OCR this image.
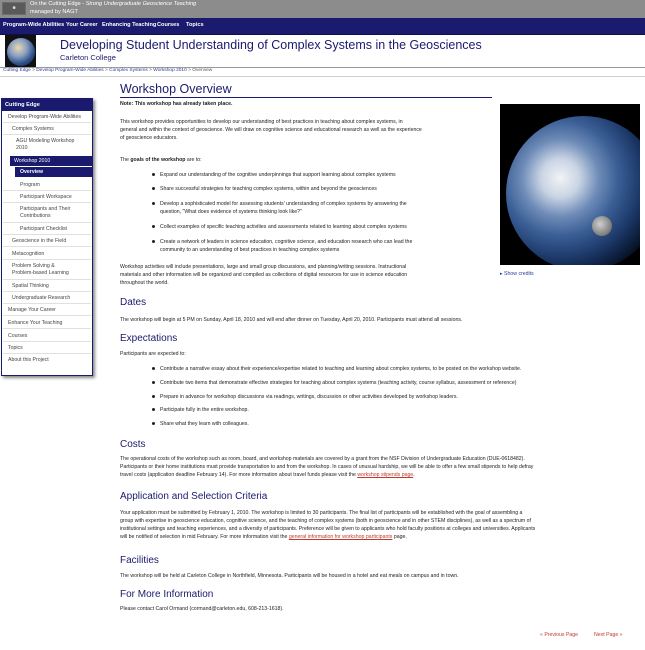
■
On the Cutting Edge - Strong Undergraduate Geoscience Teaching
managed by NAGT
Program-Wide Abilities Your Career Enhancing Teaching Courses Topics
Developing Student Understanding of Complex Systems in the Geosciences
Carleton College
Cutting Edge > Develop Program-Wide Abilities > Complex Systems > Workshop 2010 > Overview
Cutting Edge
Develop Program-Wide Abilities
Complex Systems
AGU Modeling Workshop
2010
Workshop 2010
Overview
Program
Participant Workspace
Participants and Their
Contributions
Participant Checklist
Geoscience in the Field
Metacognition
Problem Solving &
Problem-based Learning
Spatial Thinking
Undergraduate Research
Manage Your Career
Enhance Your Teaching
Courses
Topics
About this Project
▸ Show credits
Workshop Overview
Note: This workshop has already taken place.
This workshop provides opportunities to develop our understanding of best practices in teaching about complex systems, in
general and within the context of geoscience. We will draw on cognitive science and educational research as well as the experience
of geoscience educators.
The goals of the workshop are to:
Expand our understanding of the cognitive underpinnings that support learning about complex systems
Share successful strategies for teaching complex systems, within and beyond the geosciences
Develop a sophisticated model for assessing students' understanding of complex systems by answering the
question, "What does evidence of systems thinking look like?"
Collect examples of specific teaching activities and assessments related to learning about complex systems
Create a network of leaders in science education, cognitive science, and education research who can lead the
community to an understanding of best practices in teaching complex systems
Workshop activities will include presentations, large and small group discussions, and planning/writing sessions. Instructional
materials and other information will be organized and compiled as collections of digital resources for use in science education
throughout the world.
Dates
The workshop will begin at 5 PM on Sunday, April 18, 2010 and will end after dinner on Tuesday, April 20, 2010. Participants must attend all sessions.
Expectations
Participants are expected to:
Contribute a narrative essay about their experience/expertise related to teaching and learning about complex systems, to be posted on the workshop website.
Contribute two items that demonstrate effective strategies for teaching about complex systems (teaching activity, course syllabus, assessment or reference)
Prepare in advance for workshop discussions via readings, writings, discussion or other activities developed by workshop leaders.
Participate fully in the entire workshop.
Share what they learn with colleagues.
Costs
The operational costs of the workshop such as room, board, and workshop materials are covered by a grant from the NSF Division of Undergraduate Education (DUE-0618482).
Participants or their home institutions must provide transportation to and from the workshop. In cases of unusual hardship, we will be able to offer a few small stipends to help defray
travel costs (application deadline February 14). For more information about travel funds please visit the workshop stipends page.
Application and Selection Criteria
Your application must be submitted by February 1, 2010. The workshop is limited to 30 participants. The final list of participants will be established with the goal of assembling a
group with expertise in geoscience education, cognitive science, and the teaching of complex systems (both in geoscience and in other STEM disciplines), as well as a spectrum of
institutional settings and teaching experiences, and a diversity of participants. Preference will be given to applicants who hold faculty positions at colleges and universities. Applicants
will be notified of selection in mid February. For more information visit the general information for workshop participants page.
Facilities
The workshop will be held at Carleton College in Northfield, Minnesota. Participants will be housed in a hotel and eat meals on campus and in town.
For More Information
Please contact Carol Ormand (cormand@carleton.edu, 608-213-1618).
« Previous Page	Next Page »
